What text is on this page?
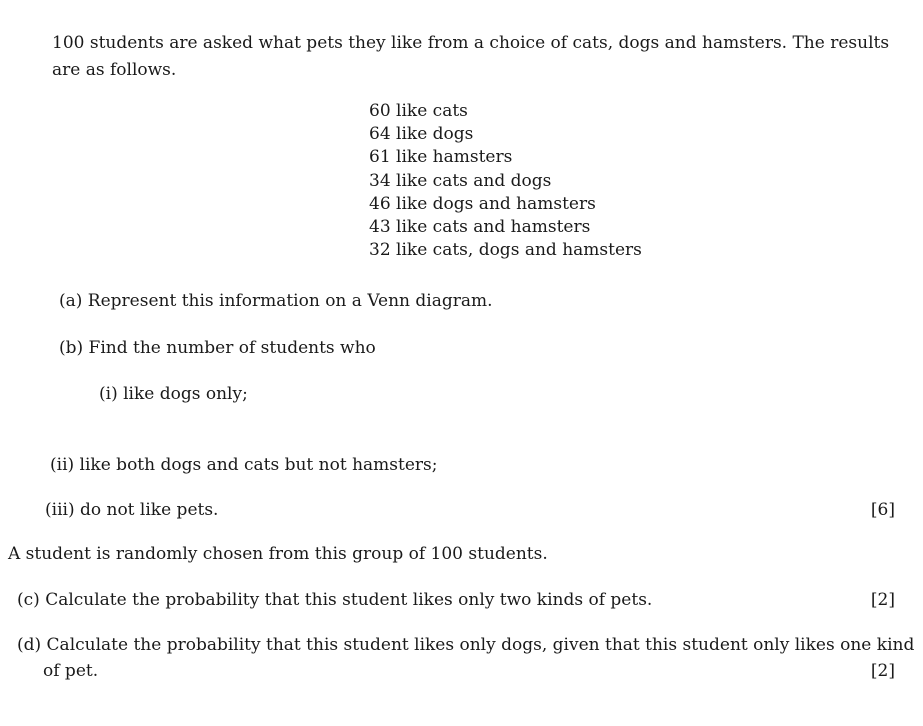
100 students are asked what pets they like from a choice of cats, dogs and hamsters. The results are as follows.
60 like cats
64 like dogs
61 like hamsters
34 like cats and dogs
46 like dogs and hamsters
43 like cats and hamsters
32 like cats, dogs and hamsters
(a) Represent this information on a Venn diagram.
(b) Find the number of students who
(i) like dogs only;
(ii) like both dogs and cats but not hamsters;
(iii) do not like pets.	[6]
A student is randomly chosen from this group of 100 students.
(c) Calculate the probability that this student likes only two kinds of pets.	[2]
(d) Calculate the probability that this student likes only dogs, given that this student only likes one kind
of pet.	[2]
